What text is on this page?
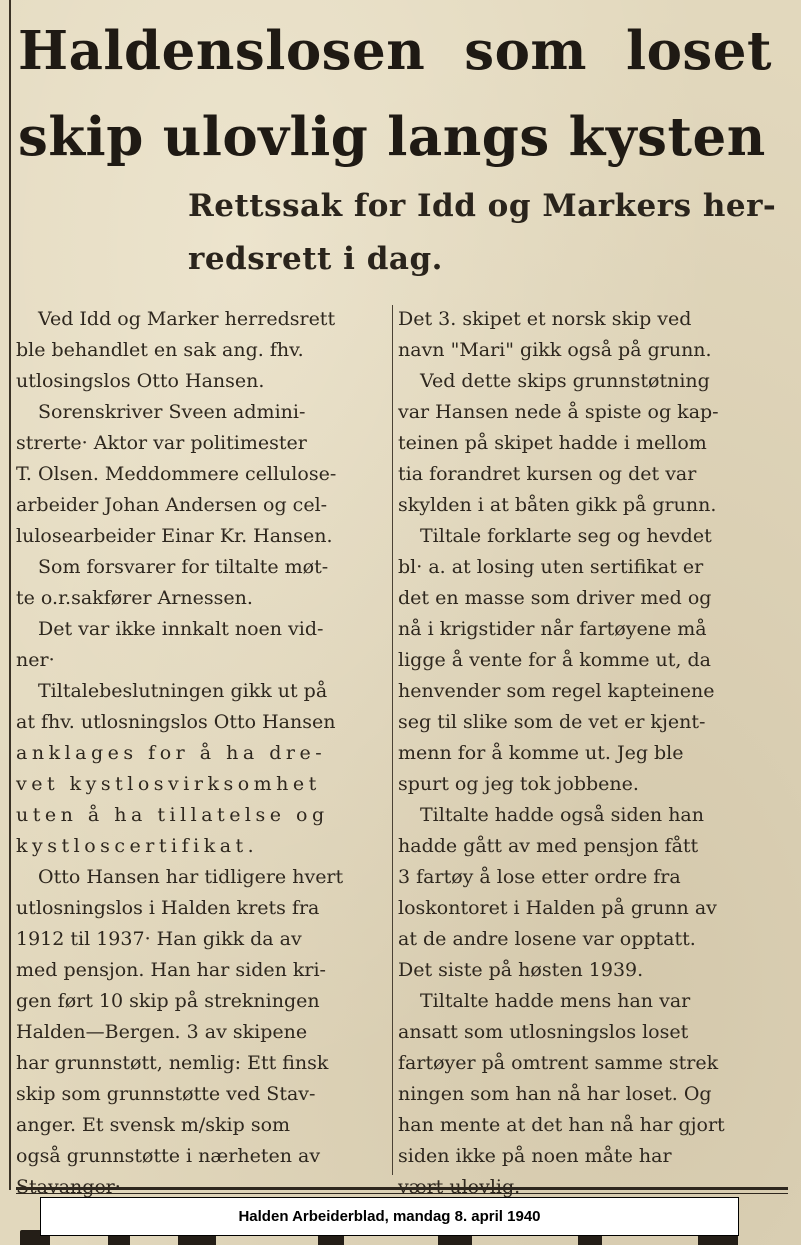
Haldenslosen som loset
skip ulovlig langs kysten
Rettssak for Idd og Markers her-
redsrett i dag.

Ved Idd og Marker herredsrett

ble behandlet en sak ang. fhv.

utlosingslos Otto Hansen.

Sorenskriver Sveen admini-

strerte· Aktor var politimester

T. Olsen. Meddommere cellulose-

arbeider Johan Andersen og cel-

lulosearbeider Einar Kr. Hansen.

Som forsvarer for tiltalte møt-

te o.r.sakfører Arnessen.

Det var ikke innkalt noen vid-

ner·

Tiltalebeslutningen gikk ut på

at fhv. utlosningslos Otto Hansen

anklages for å ha dre-

vet kystlosvirksomhet

uten å ha tillatelse og

kystloscertifikat.

Otto Hansen har tidligere hvert

utlosningslos i Halden krets fra

1912 til 1937· Han gikk da av

med pensjon. Han har siden kri-

gen ført 10 skip på strekningen

Halden—Bergen. 3 av skipene

har grunnstøtt, nemlig: Ett finsk

skip som grunnstøtte ved Stav-

anger. Et svensk m/skip som

også grunnstøtte i nærheten av

Det 3. skipet et norsk skip ved

navn "Mari" gikk også på grunn.

Ved dette skips grunnstøtning

var Hansen nede å spiste og kap-

teinen på skipet hadde i mellom

tia forandret kursen og det var

skylden i at båten gikk på grunn.

Tiltale forklarte seg og hevdet

bl· a. at losing uten sertifikat er

det en masse som driver med og

nå i krigstider når fartøyene må

ligge å vente for å komme ut, da

henvender som regel kapteinene

seg til slike som de vet er kjent-

menn for å komme ut. Jeg ble

spurt og jeg tok jobbene.

Tiltalte hadde også siden han

hadde gått av med pensjon fått

3 fartøy å lose etter ordre fra

loskontoret i Halden på grunn av

at de andre losene var opptatt.

Det siste på høsten 1939.

Tiltalte hadde mens han var

ansatt som utlosningslos loset

fartøyer på omtrent samme strek

ningen som han nå har loset. Og

han mente at det han nå har gjort

siden ikke på noen måte har

Halden Arbeiderblad, mandag 8. april 1940
